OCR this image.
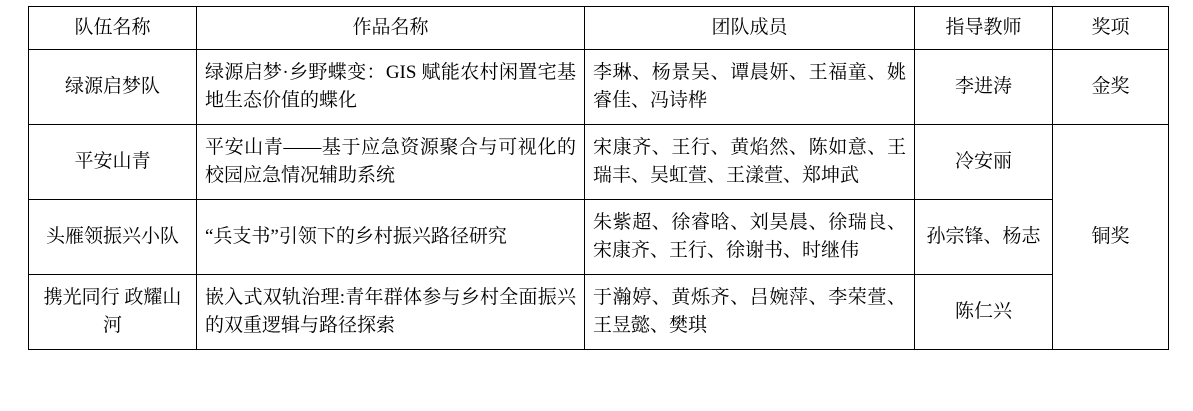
队伍名称	作品名称	团队成员	指导教师	奖项
绿源启梦队	绿源启梦·乡野蝶变：GIS 赋能农村闲置宅基地生态价值的蝶化	李琳、杨景吴、谭晨妍、王福童、姚睿佳、冯诗桦	李进涛	金奖
平安山青	平安山青——基于应急资源聚合与可视化的校园应急情况辅助系统	宋康齐、王行、黄焰然、陈如意、王瑞丰、吴虹萱、王漾萱、郑坤武	冷安丽	铜奖
头雁领振兴小队	“兵支书”引领下的乡村振兴路径研究	朱紫超、徐睿晗、刘昊晨、徐瑞良、宋康齐、王行、徐谢书、时继伟	孙宗锋、杨志	
携光同行 政耀山河	嵌入式双轨治理:青年群体参与乡村全面振兴的双重逻辑与路径探索	于瀚婷、黄烁齐、吕婉萍、李荣萱、王昱懿、樊琪	陈仁兴	
